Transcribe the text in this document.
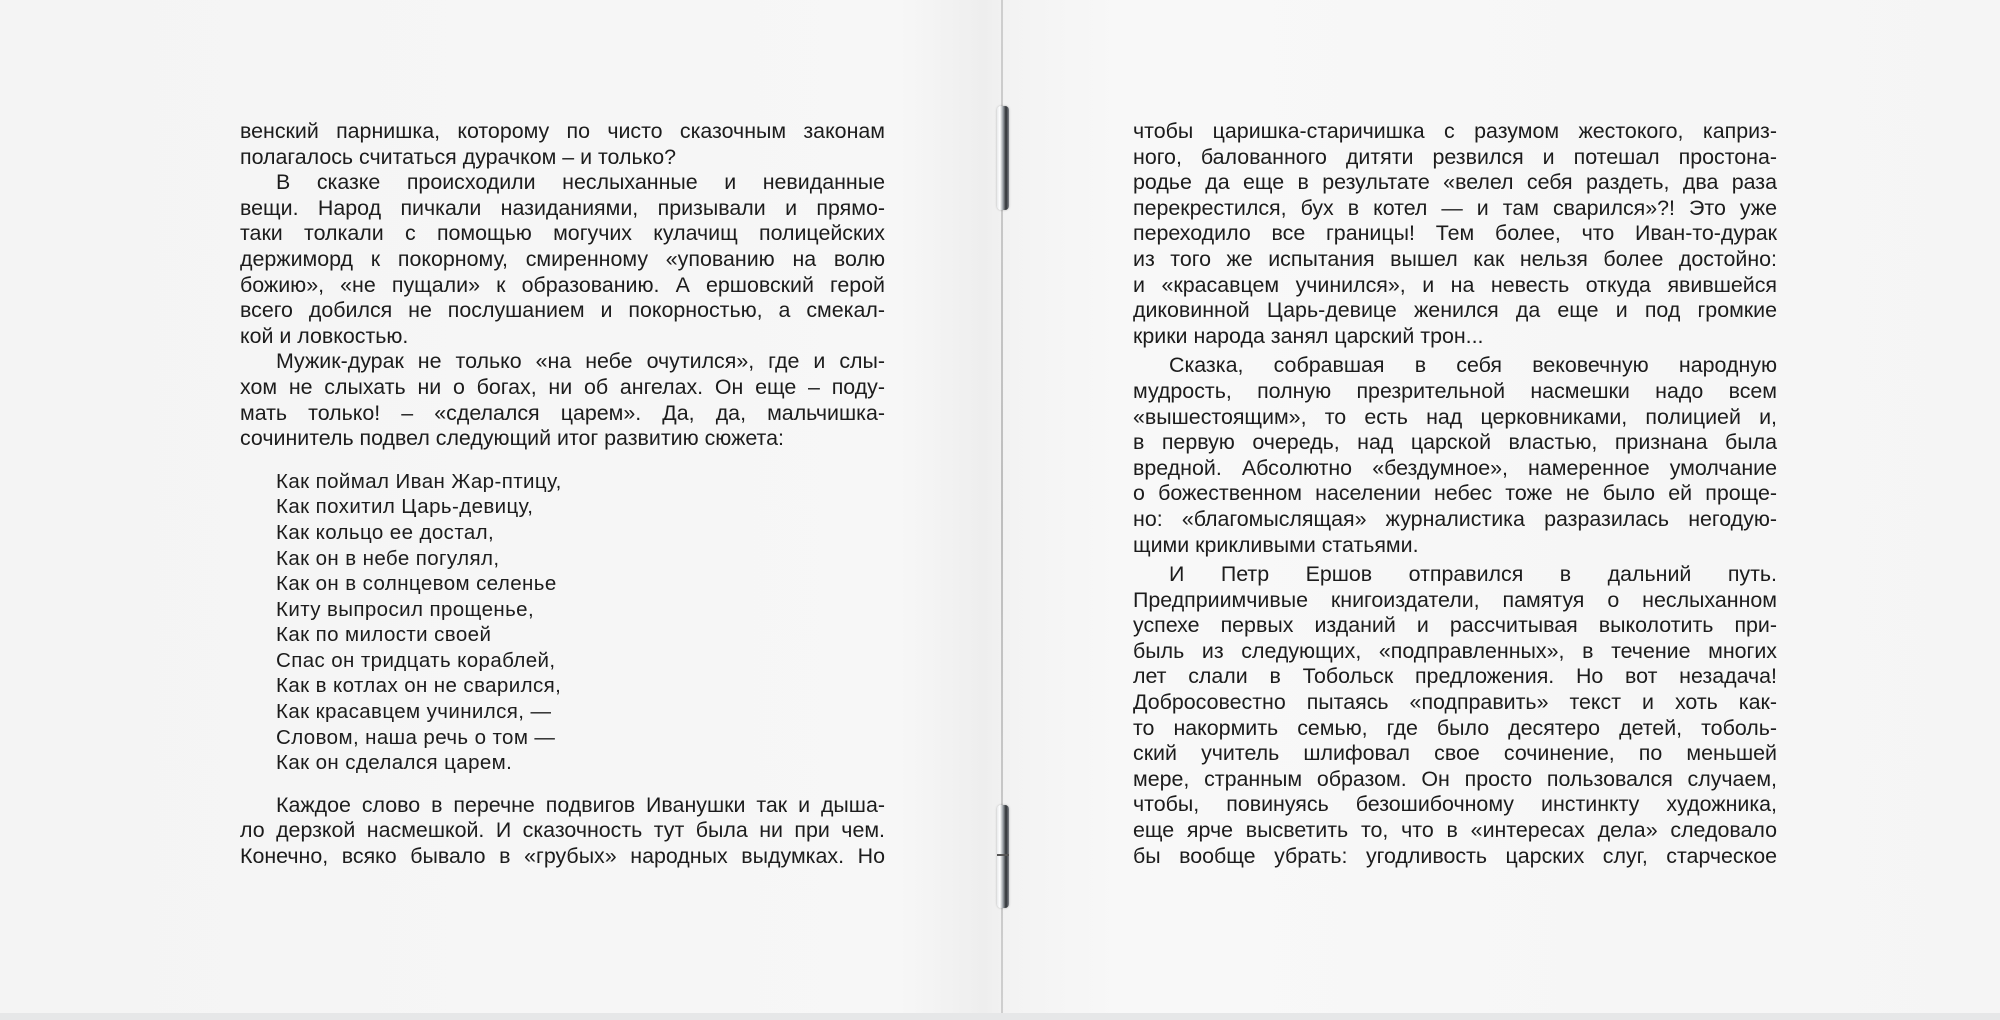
венский парнишка, которому по чисто сказочным законам
полагалось считаться дурачком – и только?
В сказке происходили неслыханные и невиданные
вещи. Народ пичкали назиданиями, призывали и прямо-
таки толкали с помощью могучих кулачищ полицейских
держиморд к покорному, смиренному «упованию на волю
божию», «не пущали» к образованию. А ершовский герой
всего добился не послушанием и покорностью, а смекал-
кой и ловкостью.
Мужик-дурак не только «на небе очутился», где и слы-
хом не слыхать ни о богах, ни об ангелах. Он еще – поду-
мать только! – «сделался царем». Да, да, мальчишка-
сочинитель подвел следующий итог развитию сюжета:
Как поймал Иван Жар-птицу,
Как похитил Царь-девицу,
Как кольцо ее достал,
Как он в небе погулял,
Как он в солнцевом селенье
Киту выпросил прощенье,
Как по милости своей
Спас он тридцать кораблей,
Как в котлах он не сварился,
Как красавцем учинился, —
Словом, наша речь о том —
Как он сделался царем.
Каждое слово в перечне подвигов Иванушки так и дыша-
ло дерзкой насмешкой. И сказочность тут была ни при чем.
Конечно, всяко бывало в «грубых» народных выдумках. Но
чтобы царишка-старичишка с разумом жестокого, каприз-
ного, балованного дитяти резвился и потешал простона-
родье да еще в результате «велел себя раздеть, два раза
перекрестился, бух в котел — и там сварился»?! Это уже
переходило все границы! Тем более, что Иван-то-дурак
из того же испытания вышел как нельзя более достойно:
и «красавцем учинился», и на невесть откуда явившейся
диковинной Царь-девице женился да еще и под громкие
крики народа занял царский трон...
Сказка, собравшая в себя вековечную народную
мудрость, полную презрительной насмешки надо всем
«вышестоящим», то есть над церковниками, полицией и,
в первую очередь, над царской властью, признана была
вредной. Абсолютно «бездумное», намеренное умолчание
о божественном населении небес тоже не было ей проще-
но: «благомыслящая» журналистика разразилась негодую-
щими крикливыми статьями.
И Петр Ершов отправился в дальний путь.
Предприимчивые книгоиздатели, памятуя о неслыханном
успехе первых изданий и рассчитывая выколотить при-
быль из следующих, «подправленных», в течение многих
лет слали в Тобольск предложения. Но вот незадача!
Добросовестно пытаясь «подправить» текст и хоть как-
то накормить семью, где было десятеро детей, тоболь-
ский учитель шлифовал свое сочинение, по меньшей
мере, странным образом. Он просто пользовался случаем,
чтобы, повинуясь безошибочному инстинкту художника,
еще ярче высветить то, что в «интересах дела» следовало
бы вообще убрать: угодливость царских слуг, старческое
